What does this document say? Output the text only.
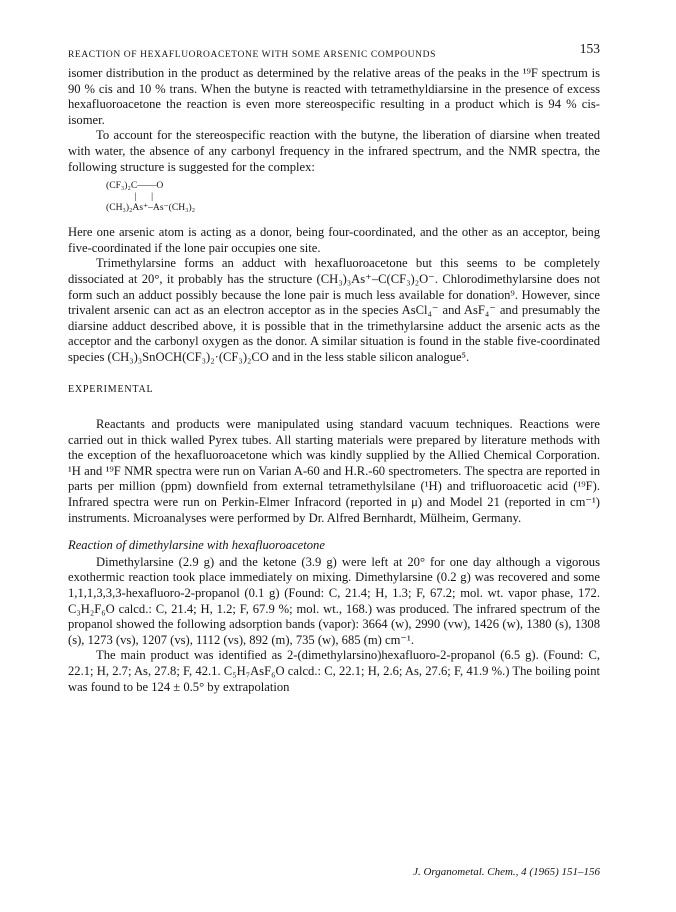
REACTION OF HEXAFLUOROACETONE WITH SOME ARSENIC COMPOUNDS	153

isomer distribution in the product as determined by the relative areas of the peaks in the ¹⁹F spectrum is 90 % cis and 10 % trans. When the butyne is reacted with tetramethyldiarsine in the presence of excess hexafluoroacetone the reaction is even more stereospecific resulting in a product which is 94 % cis-isomer.

To account for the stereospecific reaction with the butyne, the liberation of diarsine when treated with water, the absence of any carbonyl frequency in the infrared spectrum, and the NMR spectra, the following structure is suggested for the complex:

(CF₃)₂C——O
|      |
(CH₃)₂As⁺–As⁻(CH₃)₂

Here one arsenic atom is acting as a donor, being four-coordinated, and the other as an acceptor, being five-coordinated if the lone pair occupies one site.

Trimethylarsine forms an adduct with hexafluoroacetone but this seems to be completely dissociated at 20°, it probably has the structure (CH₃)₃As⁺–C(CF₃)₂O⁻. Chlorodimethylarsine does not form such an adduct possibly because the lone pair is much less available for donation⁹. However, since trivalent arsenic can act as an electron acceptor as in the species AsCl₄⁻ and AsF₄⁻ and presumably the diarsine adduct described above, it is possible that in the trimethylarsine adduct the arsenic acts as the acceptor and the carbonyl oxygen as the donor. A similar situation is found in the stable five-coordinated species (CH₃)₃SnOCH(CF₃)₂·(CF₃)₂CO and in the less stable silicon analogue⁵.

EXPERIMENTAL

Reactants and products were manipulated using standard vacuum techniques. Reactions were carried out in thick walled Pyrex tubes. All starting materials were prepared by literature methods with the exception of the hexafluoroacetone which was kindly supplied by the Allied Chemical Corporation. ¹H and ¹⁹F NMR spectra were run on Varian A-60 and H.R.-60 spectrometers. The spectra are reported in parts per million (ppm) downfield from external tetramethylsilane (¹H) and trifluoroacetic acid (¹⁹F). Infrared spectra were run on Perkin-Elmer Infracord (reported in μ) and Model 21 (reported in cm⁻¹) instruments. Microanalyses were performed by Dr. Alfred Bernhardt, Mülheim, Germany.

Reaction of dimethylarsine with hexafluoroacetone

Dimethylarsine (2.9 g) and the ketone (3.9 g) were left at 20° for one day although a vigorous exothermic reaction took place immediately on mixing. Dimethylarsine (0.2 g) was recovered and some 1,1,1,3,3,3-hexafluoro-2-propanol (0.1 g) (Found: C, 21.4; H, 1.3; F, 67.2; mol. wt. vapor phase, 172. C₃H₂F₆O calcd.: C, 21.4; H, 1.2; F, 67.9 %; mol. wt., 168.) was produced. The infrared spectrum of the propanol showed the following adsorption bands (vapor): 3664 (w), 2990 (vw), 1426 (w), 1380 (s), 1308 (s), 1273 (vs), 1207 (vs), 1112 (vs), 892 (m), 735 (w), 685 (m) cm⁻¹.

The main product was identified as 2-(dimethylarsino)hexafluoro-2-propanol (6.5 g). (Found: C, 22.1; H, 2.7; As, 27.8; F, 42.1. C₅H₇AsF₆O calcd.: C, 22.1; H, 2.6; As, 27.6; F, 41.9 %.) The boiling point was found to be 124 ± 0.5° by extrapolation

J. Organometal. Chem., 4 (1965) 151–156
